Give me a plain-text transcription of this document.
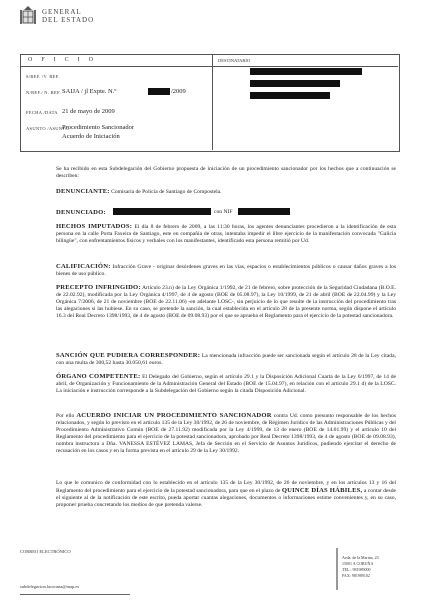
GENERAL
DEL ESTADO
OFICIO	DESTINATARIO
S/REF. /V. REF.
N/REF./ N. REF. SAIJA / jl Expte. N.º	/2009
FECHA /DATA 21 de mayo de 2009
ASUNTO /ASUNTO
Procedimiento Sancionador
Acuerdo de Iniciación
Se ha recibido en esta Subdelegación del Gobierno propuesta de iniciación de un procedimiento sancionador por los hechos que a continuación se describen:
DENUNCIANTE: Comisaría de Policía de Santiago de Compostela.
DENUNCIADO:	con NIF
HECHOS IMPUTADOS: El día 8 de febrero de 2009, a las 11:30 horas, los agentes denunciantes procedieron a la identificación de esta persona en la calle Porta Faxeira de Santiago, este en compañía de otras, intentaba impedir el libre ejercicio de la manifestación convocada "Galicia bilingüe", con enfrentamientos físicos y verbales con los manifestantes, identificado esta persona remitió por Ud.
CALIFICACIÓN: Infracción Grave - originar desórdenes graves en las vías, espacios o establecimientos públicos o causar daños graves a los bienes de uso público.
PRECEPTO INFRINGIDO: Artículo 23.n) de la Ley Orgánica 1/1992, de 21 de febrero, sobre protección de la Seguridad Ciudadana (B.O.E. de 22.02.92), modificada por la Ley Orgánica 4/1997, de 4 de agosto (BOE de 05.08.97), la Ley 10/1999, de 21 de abril (BOE de 22.04.99) y la Ley Orgánica 7/2006, de 21 de noviembre (BOE de 22.11.06) -en adelante LOSC-, sin perjuicio de lo que resulte de la instrucción del procedimiento tras las alegaciones si las hubiese. En su caso, se pretende la sanción, la cual establecida en el artículo 28 de la presente norma, según dispone el artículo 16.3 del Real Decreto 1398/1993, de 4 de agosto (BOE de 09.08.93) por el que se aprueba el Reglamento para el ejercicio de la potestad sancionadora.
SANCIÓN QUE PUDIERA CORRESPONDER: La mencionada infracción puede ser sancionada según el artículo 28 de la Ley citada, con una multa de 300,52 hasta 30.050,61 euros.
ÓRGANO COMPETENTE: El Delegado del Gobierno, según el artículo 29.1 y la Disposición Adicional Cuarta de la Ley 6/1997, de 14 de abril, de Organización y Funcionamiento de la Administración General del Estado (BOE de 15.04.97), en relación con el artículo 29.1 d) de la LOSC. La iniciación e instrucción corresponde a la Subdelegación del Gobierno según la citada Disposición Adicional.
Por ello ACUERDO INICIAR UN PROCEDIMIENTO SANCIONADOR contra Ud. como presunto responsable de los hechos relacionados, y según lo previsto en el artículo 135 de la Ley 30/1992, de 26 de noviembre, de Régimen Jurídico de las Administraciones Públicas y del Procedimiento Administrativo Común (BOE de 27.11.92) modificada por la Ley 4/1999, de 13 de enero (BOE de 14.01.99) y el artículo 10 del Reglamento del procedimiento para el ejercicio de la potestad sancionadora, aprobado por Real Decreto 1398/1993, de 4 de agosto (BOE de 09.08.93), nombra instructora a Dña. VANESSA ESTÉVEZ LAMAS, Jefa de Sección en el Servicio de Asuntos Jurídicos, pudiendo ejercitar el derecho de recusación en los casos y en la forma prevista en el artículo 29 de la Ley 30/1992.
Lo que le comunico de conformidad con lo establecido en el artículo 135 de la Ley 30/1992, de 26 de noviembre, y en los artículos 13 y 16 del Reglamento del procedimiento para el ejercicio de la potestad sancionadora, para que en el plazo de QUINCE DÍAS HÁBILES, a contar desde el siguiente al de la notificación de este escrito, pueda aportar cuantas alegaciones, documentos o informaciones estime convenientes y, en su caso, proponer prueba concretando los medios de que pretenda valerse.
CORREO ELECTRÓNICO
subdelegacion.lacoruna@map.es
Avda. de la Marina, 23
15001 A CORUÑA
TEL.: 981989000
FAX: 981989102
